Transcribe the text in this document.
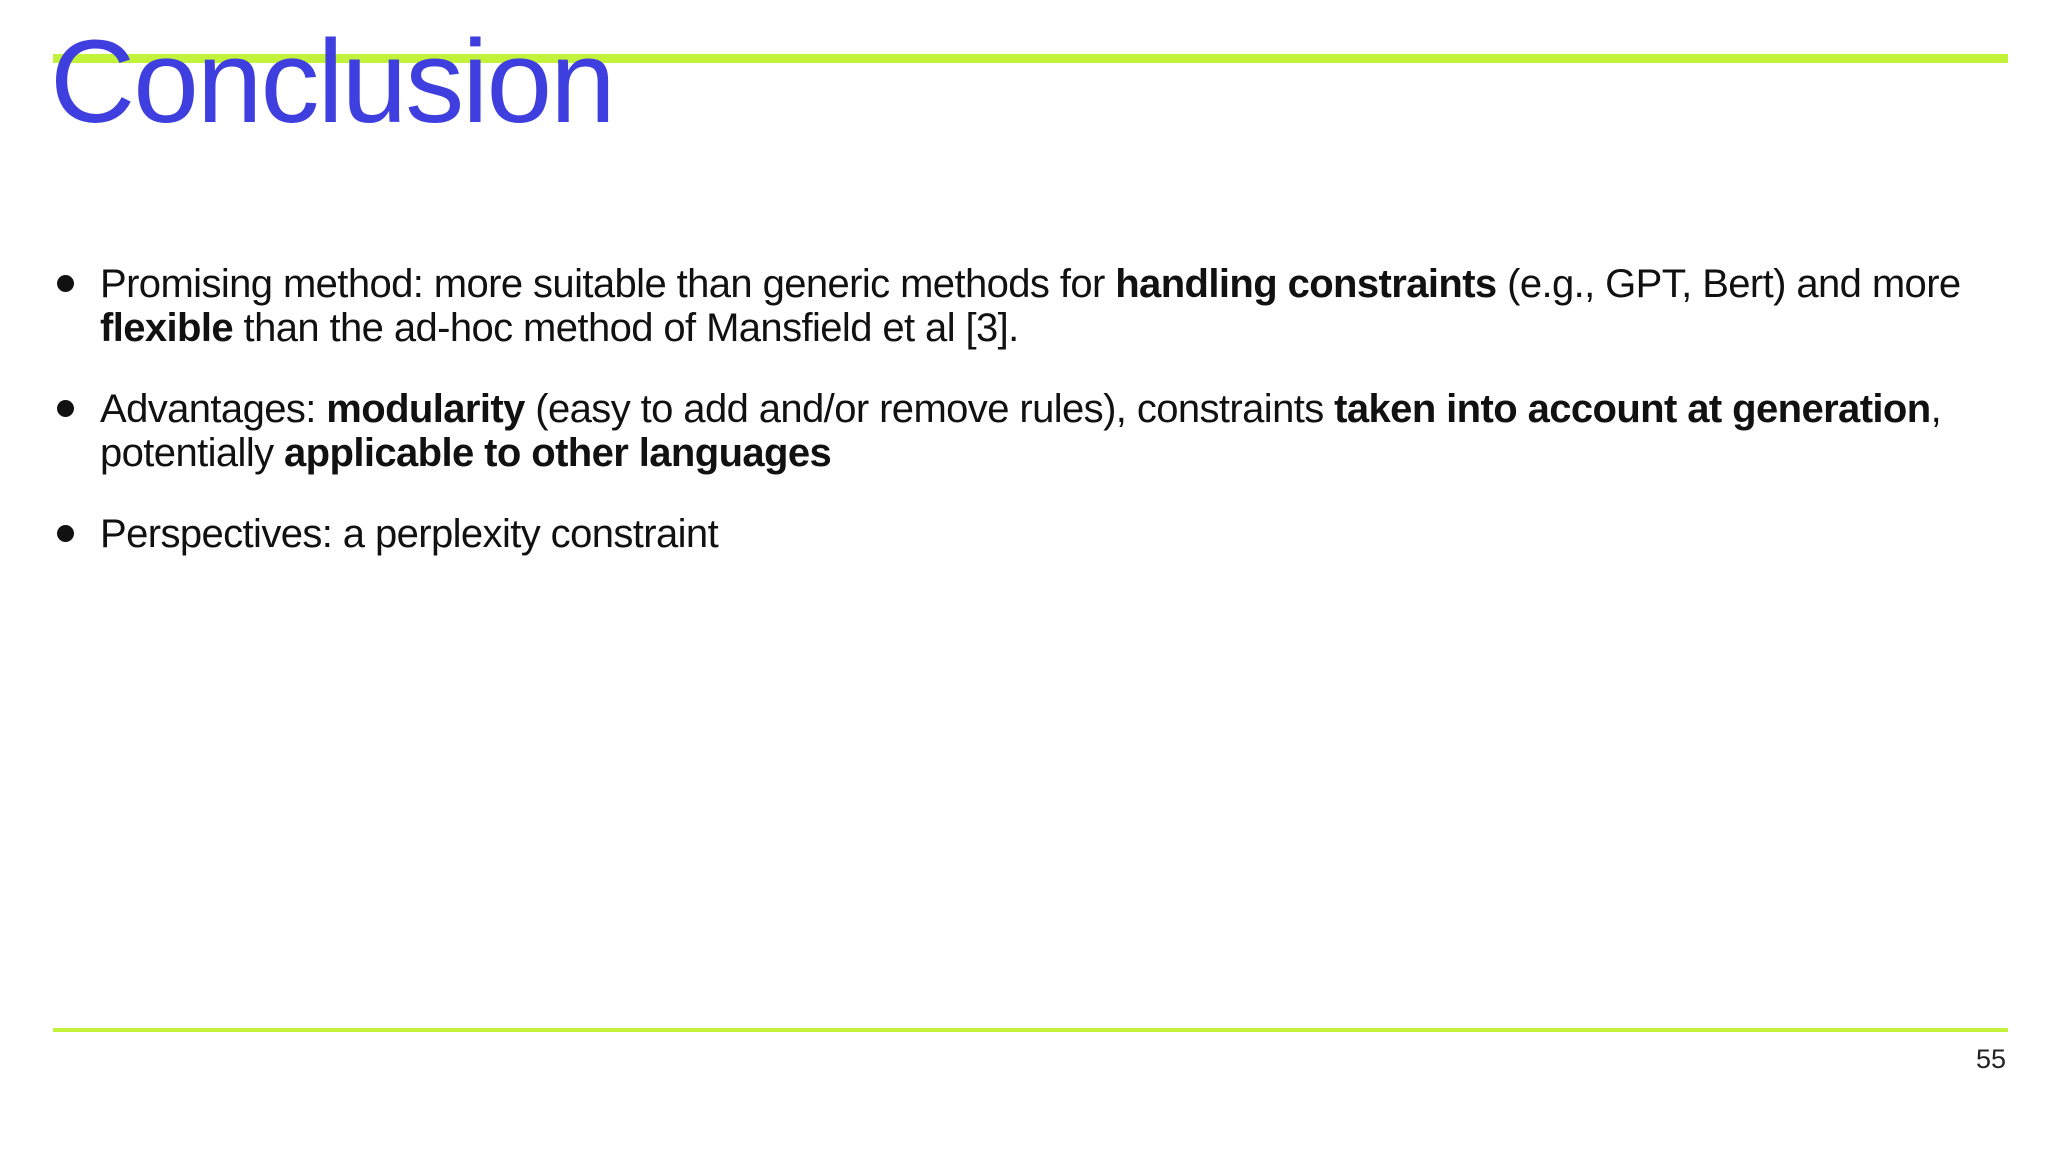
Conclusion
Promising method: more suitable than generic methods for handling constraints (e.g., GPT, Bert) and more flexible than the ad-hoc method of Mansfield et al [3].
Advantages: modularity (easy to add and/or remove rules), constraints taken into account at generation, potentially applicable to other languages
Perspectives: a perplexity constraint
55
